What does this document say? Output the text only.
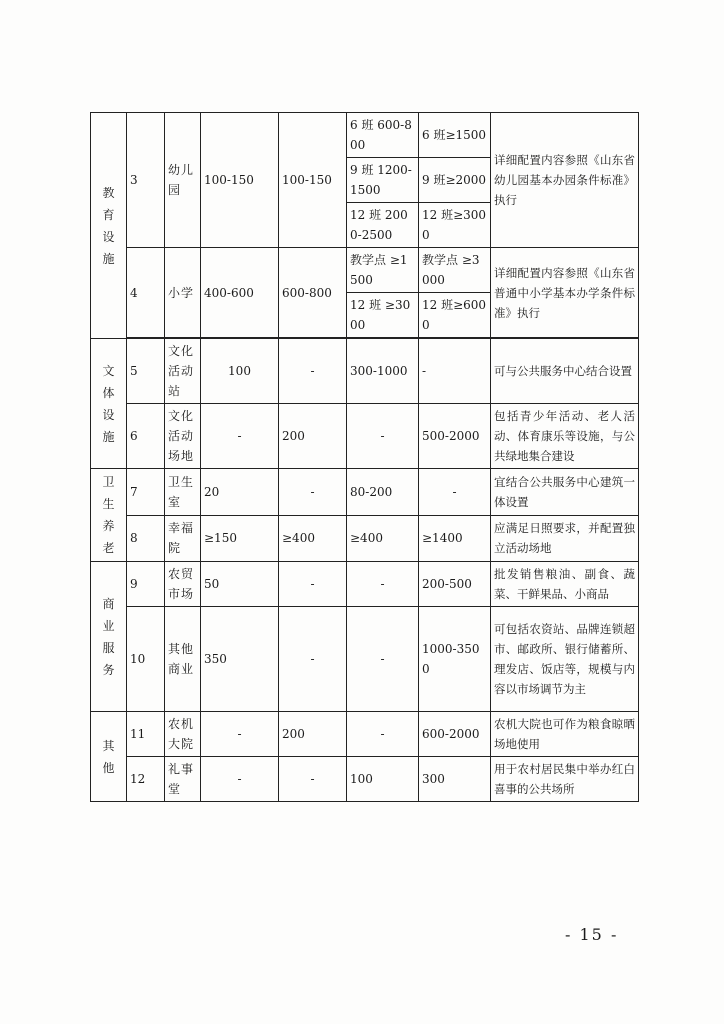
教
育
设
施	3	幼儿园	100-150	100-150	6 班 600-800	6 班≥1500	详细配置内容参照《山东省幼儿园基本办园条件标准》执行
					9 班 1200-1500	9 班≥2000	
					12 班 2000-2500	12 班≥3000	
	4	小学	400-600	600-800	教学点 ≥1500	教学点 ≥3000	详细配置内容参照《山东省普通中小学基本办学条件标准》执行
					12 班 ≥3000	12 班≥6000	

文
体
设
施	5	文化活动站	100	-	300-1000	-	可与公共服务中心结合设置
	6	文化活动场地	-	200	-	500-2000	包括青少年活动、老人活动、体育康乐等设施，与公共绿地集合建设

卫
生
养
老	7	卫生室	20	-	80-200	-	宜结合公共服务中心建筑一体设置
	8	幸福院	≥150	≥400	≥400	≥1400	应满足日照要求，并配置独立活动场地

商
业
服
务	9	农贸市场	50	-	-	200-500	批发销售粮油、副食、蔬菜、干鲜果品、小商品
	10	其他商业	350	-	-	1000-3500	可包括农资站、品牌连锁超市、邮政所、银行储蓄所、理发店、饭店等，规模与内容以市场调节为主

其
他	11	农机大院	-	200	-	600-2000	农机大院也可作为粮食晾晒场地使用
	12	礼事堂	-	-	100	300	用于农村居民集中举办红白喜事的公共场所
- 15 -
